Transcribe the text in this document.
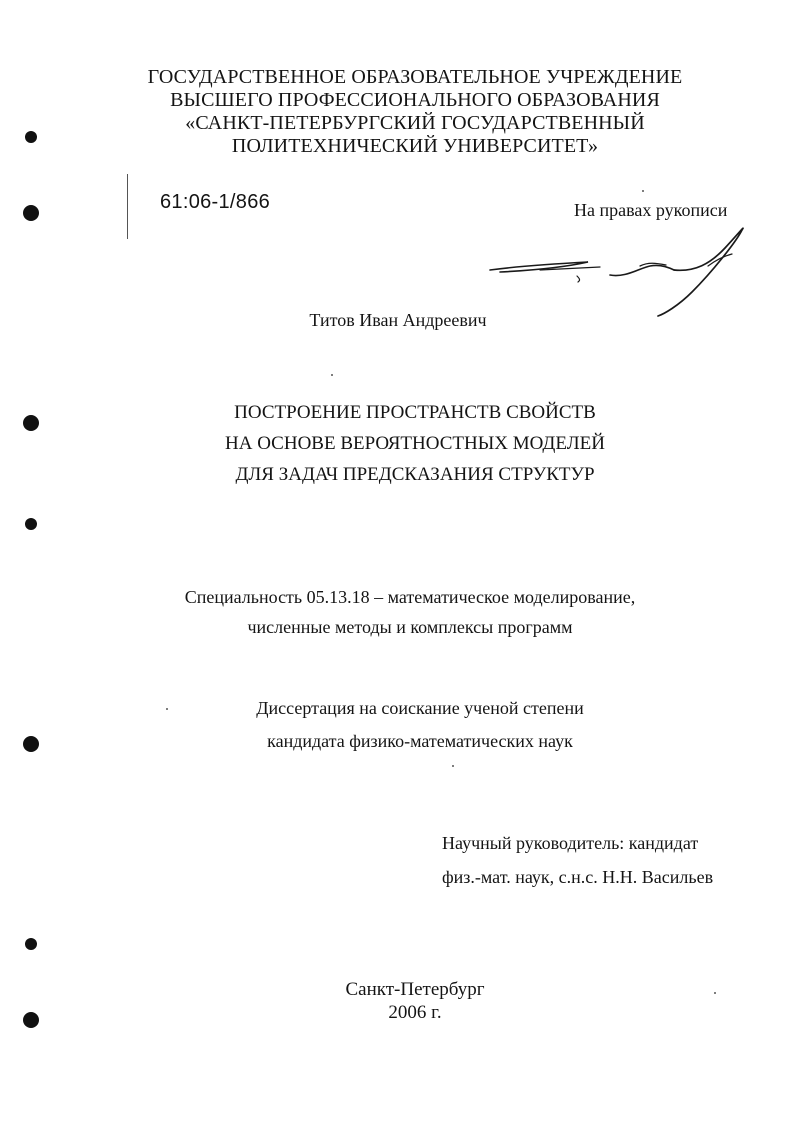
ГОСУДАРСТВЕННОЕ ОБРАЗОВАТЕЛЬНОЕ УЧРЕЖДЕНИЕ
ВЫСШЕГО ПРОФЕССИОНАЛЬНОГО ОБРАЗОВАНИЯ
«САНКТ-ПЕТЕРБУРГСКИЙ ГОСУДАРСТВЕННЫЙ
ПОЛИТЕХНИЧЕСКИЙ УНИВЕРСИТЕТ»
61:06-1/866	На правах рукописи
Титов Иван Андреевич
ПОСТРОЕНИЕ ПРОСТРАНСТВ СВОЙСТВ
НА ОСНОВЕ ВЕРОЯТНОСТНЫХ МОДЕЛЕЙ
ДЛЯ ЗАДАЧ ПРЕДСКАЗАНИЯ СТРУКТУР
Специальность 05.13.18 – математическое моделирование,
численные методы и комплексы программ
Диссертация на соискание ученой степени
кандидата физико-математических наук
Научный руководитель: кандидат
физ.-мат. наук, с.н.с. Н.Н. Васильев
Санкт-Петербург
2006 г.
